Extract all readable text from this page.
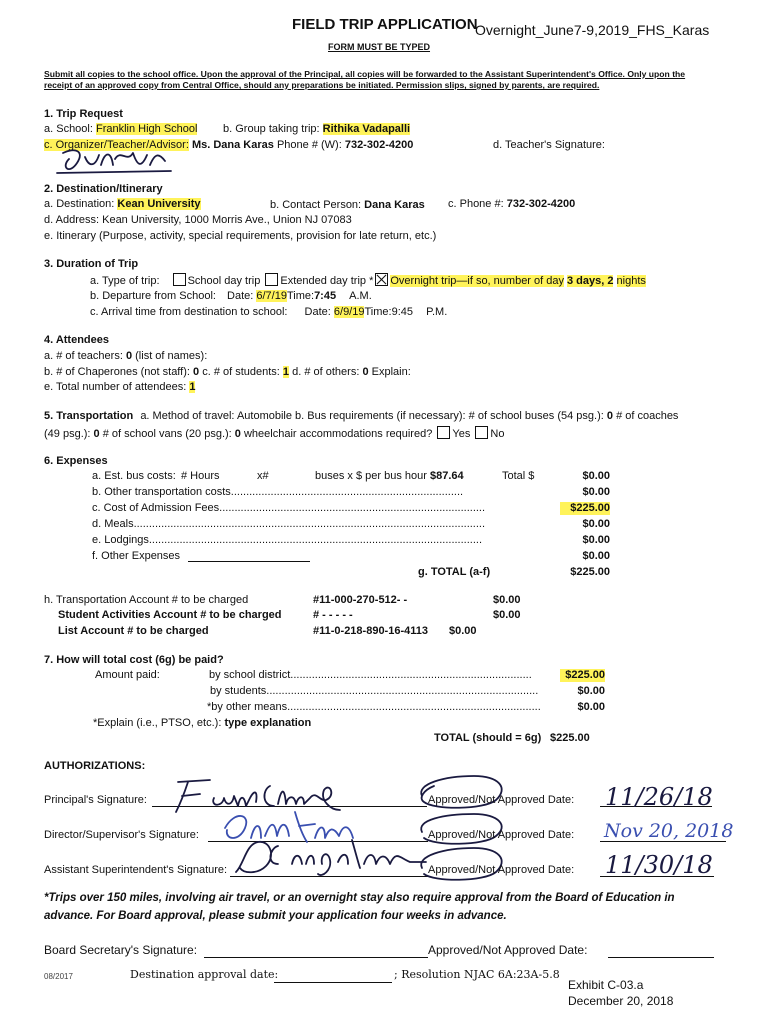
FIELD TRIP APPLICATION
Overnight_June7-9,2019_FHS_Karas
FORM MUST BE TYPED
Submit all copies to the school office. Upon the approval of the Principal, all copies will be forwarded to the Assistant Superintendent's Office. Only upon the
receipt of an approved copy from Central Office, should any preparations be initiated. Permission slips, signed by parents, are required.
1. Trip Request
a. School: Franklin High School b. Group taking trip: Rithika Vadapalli
c. Organizer/Teacher/Advisor: Ms. Dana Karas Phone # (W): 732-302-4200	d. Teacher's Signature:
2. Destination/Itinerary
a. Destination: Kean University	b. Contact Person: Dana Karas c. Phone #: 732-302-4200
d. Address: Kean University, 1000 Morris Ave., Union NJ 07083
e. Itinerary (Purpose, activity, special requirements, provision for late return, etc.)
3. Duration of Trip
a. Type of trip:	School day trip Extended day trip * Overnight trip—if so, number of day 3 days, 2 nights
b. Departure from School: Date: 6/7/19Time:7:45 A.M.
c. Arrival time from destination to school: Date: 6/9/19Time:9:45 P.M.
4. Attendees
a. # of teachers: 0 (list of names):
b. # of Chaperones (not staff): 0 c. # of students: 1 d. # of others: 0 Explain:
e. Total number of attendees: 1
5. Transportation a. Method of travel: Automobile b. Bus requirements (if necessary): # of school buses (54 psg.): 0 # of coaches
(49 psg.): 0 # of school vans (20 psg.): 0 wheelchair accommodations required? Yes No
6. Expenses
a. Est. bus costs: # Hours	x#	buses x $ per bus hour $87.64	Total $	$0.00
b. Other transportation costs............................................................................	$0.00
c. Cost of Admission Fees.......................................................................................	$225.00
d. Meals...................................................................................................................	$0.00
e. Lodgings.............................................................................................................	$0.00
f. Other Expenses	$0.00
g. TOTAL (a-f)	$225.00
h. Transportation Account # to be charged	#11-000-270-512- -	$0.00
Student Activities Account # to be charged	# - - - - -	$0.00
List Account # to be charged	#11-0-218-890-16-4113 $0.00
7. How will total cost (6g) be paid?
Amount paid:	by school district...............................................................................	$225.00
by students.........................................................................................	$0.00
*by other means...................................................................................	$0.00
*Explain (i.e., PTSO, etc.): type explanation
TOTAL (should = 6g) $225.00
AUTHORIZATIONS:
Principal's Signature:	Approved/Not Approved Date: 11/26/18
Director/Supervisor's Signature:	Approved/Not Approved Date: Nov 20, 2018
Assistant Superintendent's Signature:	Approved/Not Approved Date: 11/30/18
*Trips over 150 miles, involving air travel, or an overnight stay also require approval from the Board of Education in
advance. For Board approval, please submit your application four weeks in advance.
Board Secretary's Signature:	Approved/Not Approved Date:
08/2017	Destination approval date:	; Resolution NJAC 6A:23A-5.8
Exhibit C-03.a
December 20, 2018
